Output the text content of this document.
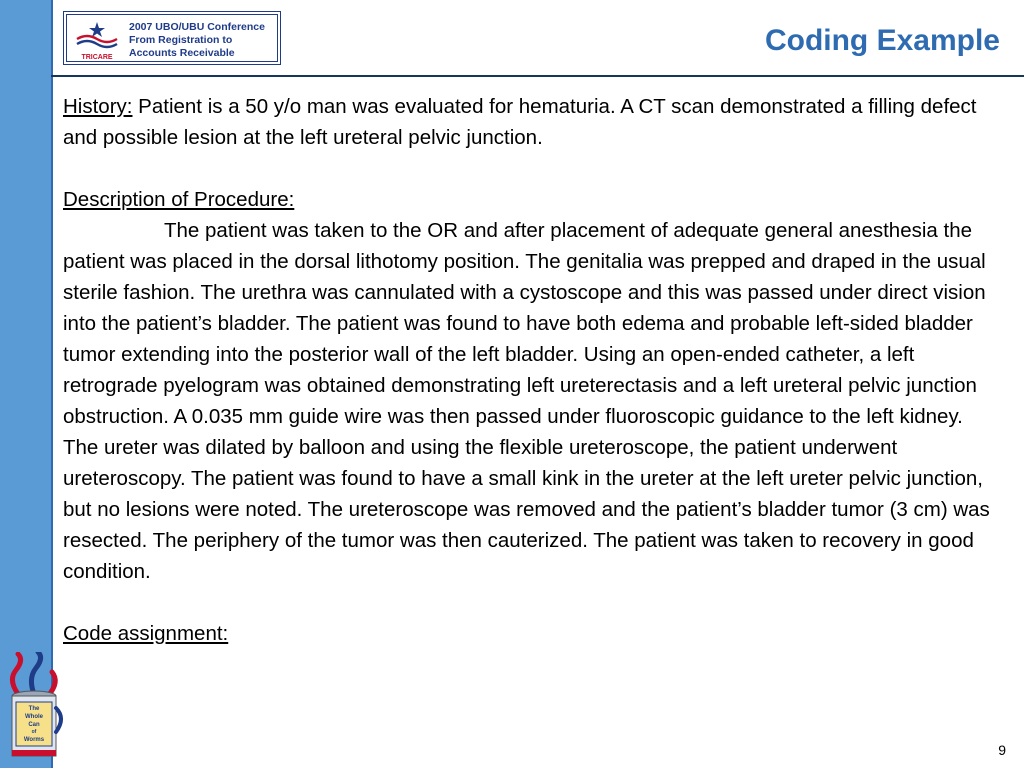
TRICARE
2007 UBO/UBU Conference
From Registration to
Accounts Receivable	Coding Example

History: Patient is a 50 y/o man was evaluated for hematuria. A CT scan demonstrated a filling defect and possible lesion at the left ureteral pelvic junction.

Description of Procedure:

The patient was taken to the OR and after placement of adequate general anesthesia the patient was placed in the dorsal lithotomy position. The genitalia was prepped and draped in the usual sterile fashion. The urethra was cannulated with a cystoscope and this was passed under direct vision into the patient’s bladder. The patient was found to have both edema and probable left-sided bladder tumor extending into the posterior wall of the left bladder. Using an open-ended catheter, a left retrograde pyelogram was obtained demonstrating left ureterectasis and a left ureteral pelvic junction obstruction. A 0.035 mm guide wire was then passed under fluoroscopic guidance to the left kidney. The ureter was dilated by balloon and using the flexible ureteroscope, the patient underwent ureteroscopy. The patient was found to have a small kink in the ureter at the left ureter pelvic junction, but no lesions were noted. The ureteroscope was removed and the patient’s bladder tumor (3 cm) was resected. The periphery of the tumor was then cauterized. The patient was taken to recovery in good condition.

Code assignment:

The
Whole
Can
of
Worms
9
